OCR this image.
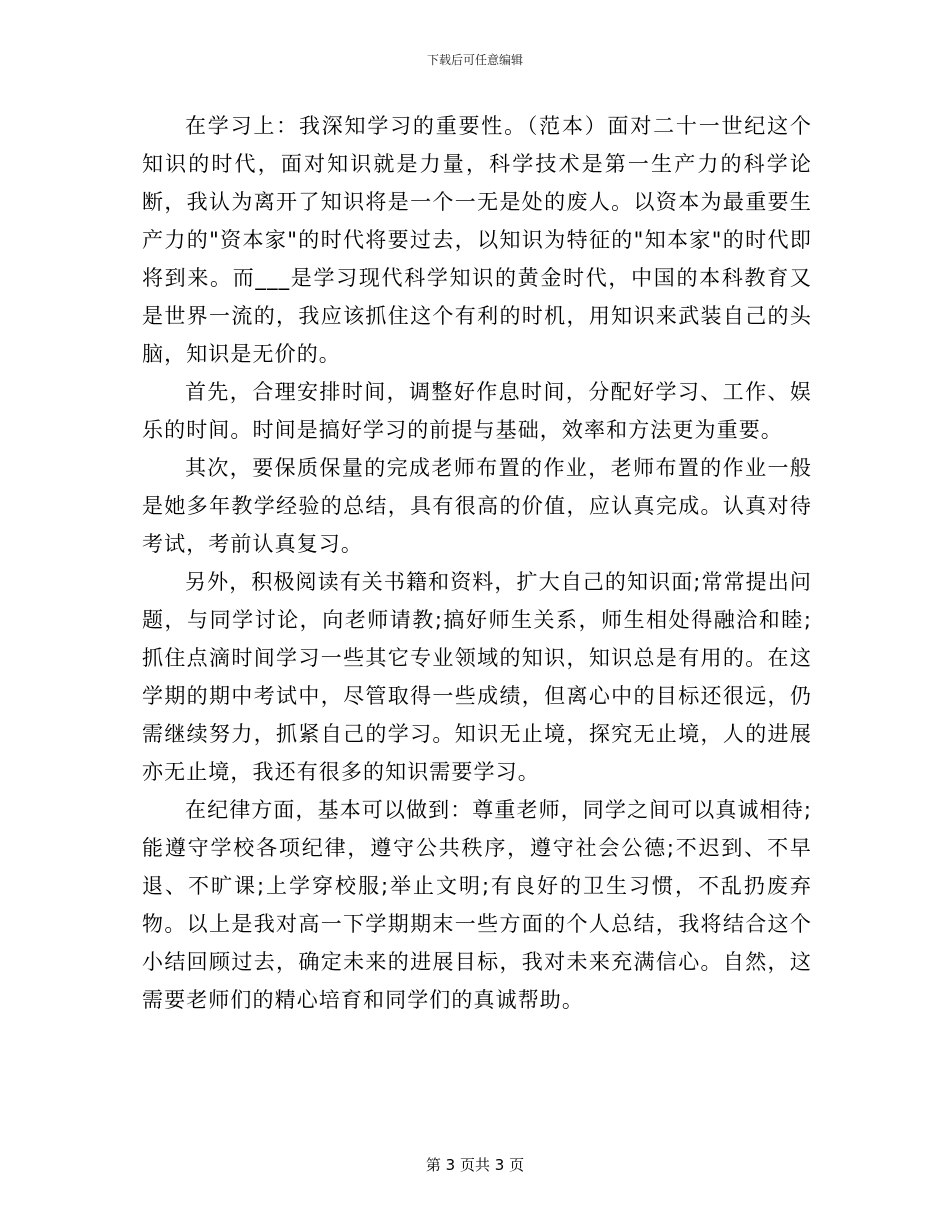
下载后可任意编辑

在学习上：我深知学习的重要性。（范本）面对二十一世纪这个知识的时代，面对知识就是力量，科学技术是第一生产力的科学论断，我认为离开了知识将是一个一无是处的废人。以资本为最重要生产力的"资本家"的时代将要过去，以知识为特征的"知本家"的时代即将到来。而___是学习现代科学知识的黄金时代，中国的本科教育又是世界一流的，我应该抓住这个有利的时机，用知识来武装自己的头脑，知识是无价的。

首先，合理安排时间，调整好作息时间，分配好学习、工作、娱乐的时间。时间是搞好学习的前提与基础，效率和方法更为重要。

其次，要保质保量的完成老师布置的作业，老师布置的作业一般是她多年教学经验的总结，具有很高的价值，应认真完成。认真对待考试，考前认真复习。

另外，积极阅读有关书籍和资料，扩大自己的知识面;常常提出问题，与同学讨论，向老师请教;搞好师生关系，师生相处得融洽和睦;抓住点滴时间学习一些其它专业领域的知识，知识总是有用的。在这学期的期中考试中，尽管取得一些成绩，但离心中的目标还很远，仍需继续努力，抓紧自己的学习。知识无止境，探究无止境，人的进展亦无止境，我还有很多的知识需要学习。

在纪律方面，基本可以做到：尊重老师，同学之间可以真诚相待;能遵守学校各项纪律，遵守公共秩序，遵守社会公德;不迟到、不早退、不旷课;上学穿校服;举止文明;有良好的卫生习惯，不乱扔废弃物。以上是我对高一下学期期末一些方面的个人总结，我将结合这个小结回顾过去，确定未来的进展目标，我对未来充满信心。自然，这需要老师们的精心培育和同学们的真诚帮助。

第 3 页共 3 页
